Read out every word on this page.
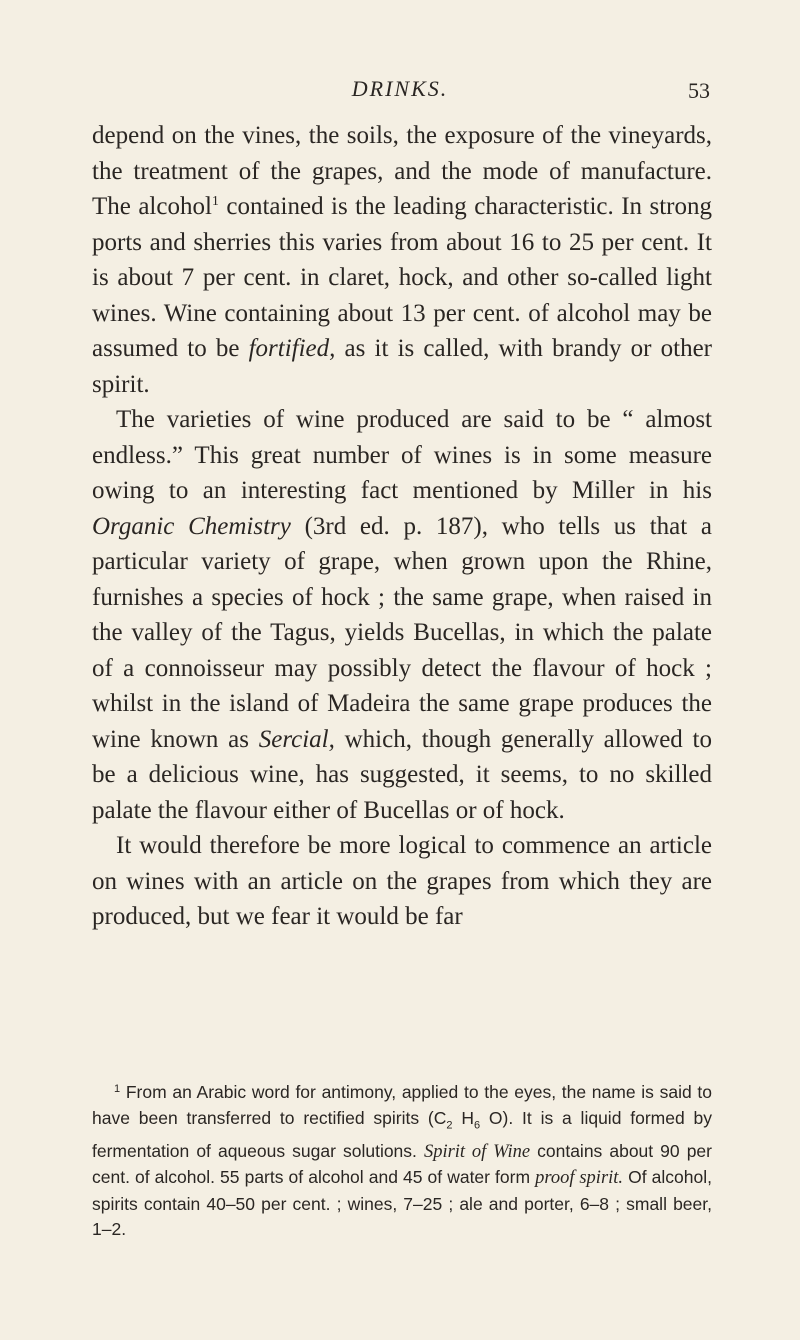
DRINKS.	53

depend on the vines, the soils, the exposure of the vineyards, the treatment of the grapes, and the mode of manufacture. The alcohol$^1$ contained is the leading characteristic. In strong ports and sherries this varies from about 16 to 25 per cent. It is about 7 per cent. in claret, hock, and other so-called light wines. Wine containing about 13 per cent. of alcohol may be assumed to be fortified, as it is called, with brandy or other spirit.

The varieties of wine produced are said to be “ almost endless.” This great number of wines is in some measure owing to an interesting fact mentioned by Miller in his Organic Chemistry (3rd ed. p. 187), who tells us that a particular variety of grape, when grown upon the Rhine, furnishes a species of hock ; the same grape, when raised in the valley of the Tagus, yields Bucellas, in which the palate of a connoisseur may possibly detect the flavour of hock ; whilst in the island of Madeira the same grape produces the wine known as Sercial, which, though generally allowed to be a delicious wine, has suggested, it seems, to no skilled palate the flavour either of Bucellas or of hock.

It would therefore be more logical to commence an article on wines with an article on the grapes from which they are produced, but we fear it would be far

$^1$ From an Arabic word for antimony, applied to the eyes, the name is said to have been transferred to rectified spirits ($C_2$ $H_6$ O). It is a liquid formed by fermentation of aqueous sugar solutions. Spirit of Wine contains about 90 per cent. of alcohol. 55 parts of alcohol and 45 of water form proof spirit. Of alcohol, spirits contain 40–50 per cent. ; wines, 7–25 ; ale and porter, 6–8 ; small beer, 1–2.
